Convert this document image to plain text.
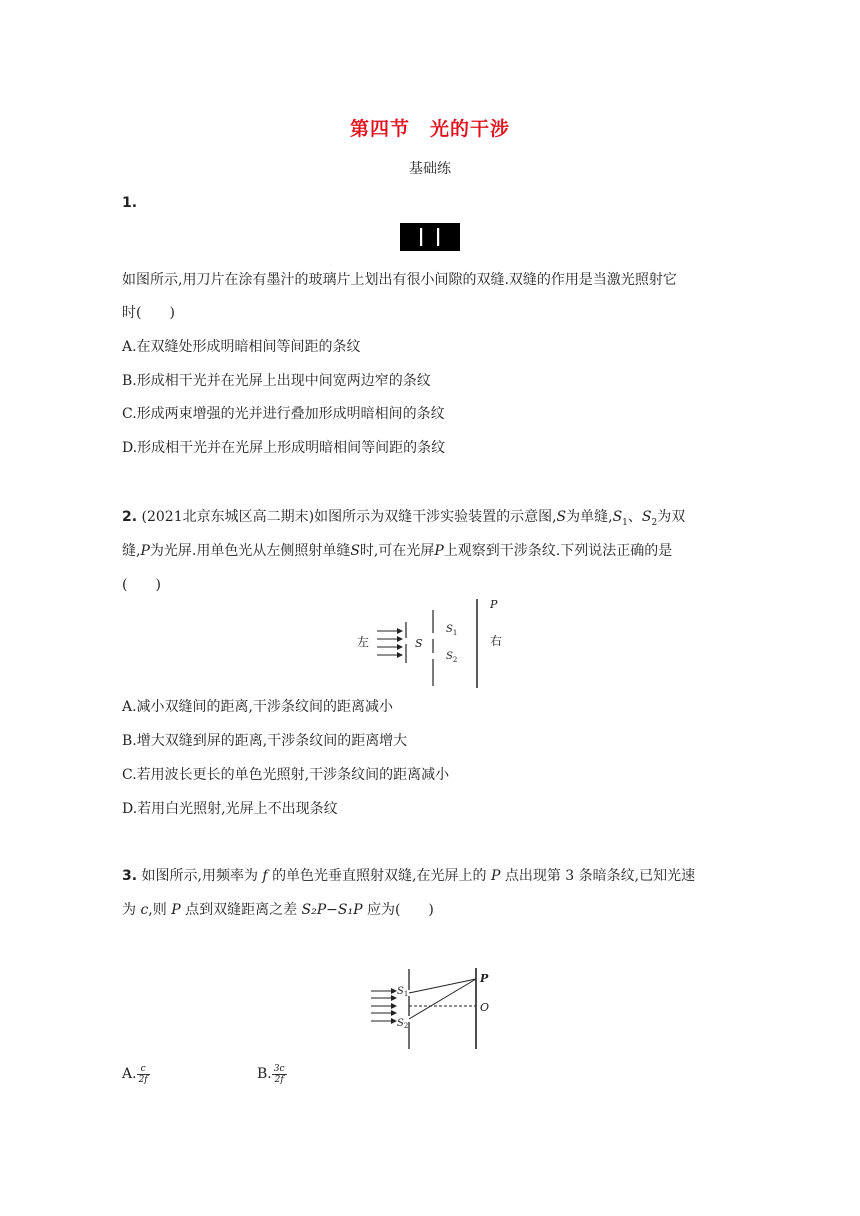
第四节　光的干涉
基础练
1.
如图所示,用刀片在涂有墨汁的玻璃片上划出有很小间隙的双缝.双缝的作用是当激光照射它
时(　　)
A.在双缝处形成明暗相间等间距的条纹
B.形成相干光并在光屏上出现中间宽两边窄的条纹
C.形成两束增强的光并进行叠加形成明暗相间的条纹
D.形成相干光并在光屏上形成明暗相间等间距的条纹
2. (2021北京东城区高二期末)如图所示为双缝干涉实验装置的示意图,S为单缝$,S_1$、$S_2$为双
缝,P为光屏.用单色光从左侧照射单缝S时,可在光屏P上观察到干涉条纹.下列说法正确的是
(　　)
左	S
$S_1$
$S_2$
P
右
A.减小双缝间的距离,干涉条纹间的距离减小
B.增大双缝到屏的距离,干涉条纹间的距离增大
C.若用波长更长的单色光照射,干涉条纹间的距离减小
D.若用白光照射,光屏上不出现条纹
3. 如图所示,用频率为 f 的单色光垂直照射双缝,在光屏上的 P 点出现第 3 条暗条纹,已知光速
为 c,则 P 点到双缝距离之差 S₂P−S₁P 应为(　　)
$S_1$
$S_2$
P
O
A. $\frac{c}{2f}$	B. $\frac{3c}{2f}$
